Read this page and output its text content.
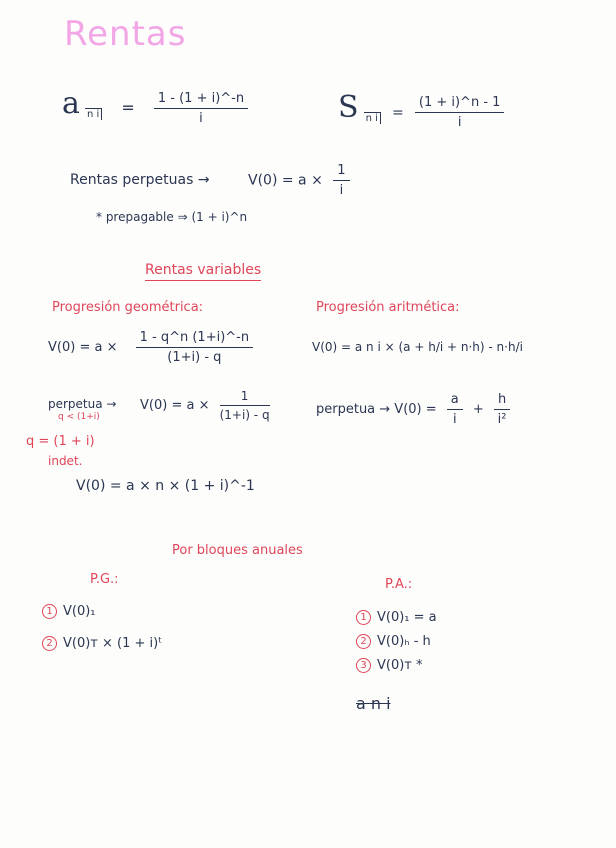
Rentas
a n $i = \frac{1 - (1 + i)\^{}-n}{i}$	S n $i = \frac{(1 + i)\^{}n - 1}{i}$
Rentas perpetuas →	$V(0) = a \times \frac{1}{i}$
* prepagable ⇒ (1 + i)^n
Rentas variables
Progresión geométrica:
$V(0) = a \times \frac{1 - q\^{}n (1+i)\^{}-n}{(1+i) - q}$
Progresión aritmética:
V(0) = a n i × (a + h/i + n·h) - n·h/i
perpetua →
q < (1+i)
$V(0) = a \times \frac{1}{(1+i) - q}$	perpetua → $V(0) = \frac{a}{i} + \frac{h}{\text{i²}}$
q = (1 + i)
indet.
V(0) = a × n × (1 + i)^-1
Por bloques anuales
P.G.:
1 V(0)₁
2 V(0)ᴛ × (1 + i)ᵗ
P.A.:
1 V(0)₁ = a
2 V(0)ₕ - h
3 V(0)ᴛ *
a n i
